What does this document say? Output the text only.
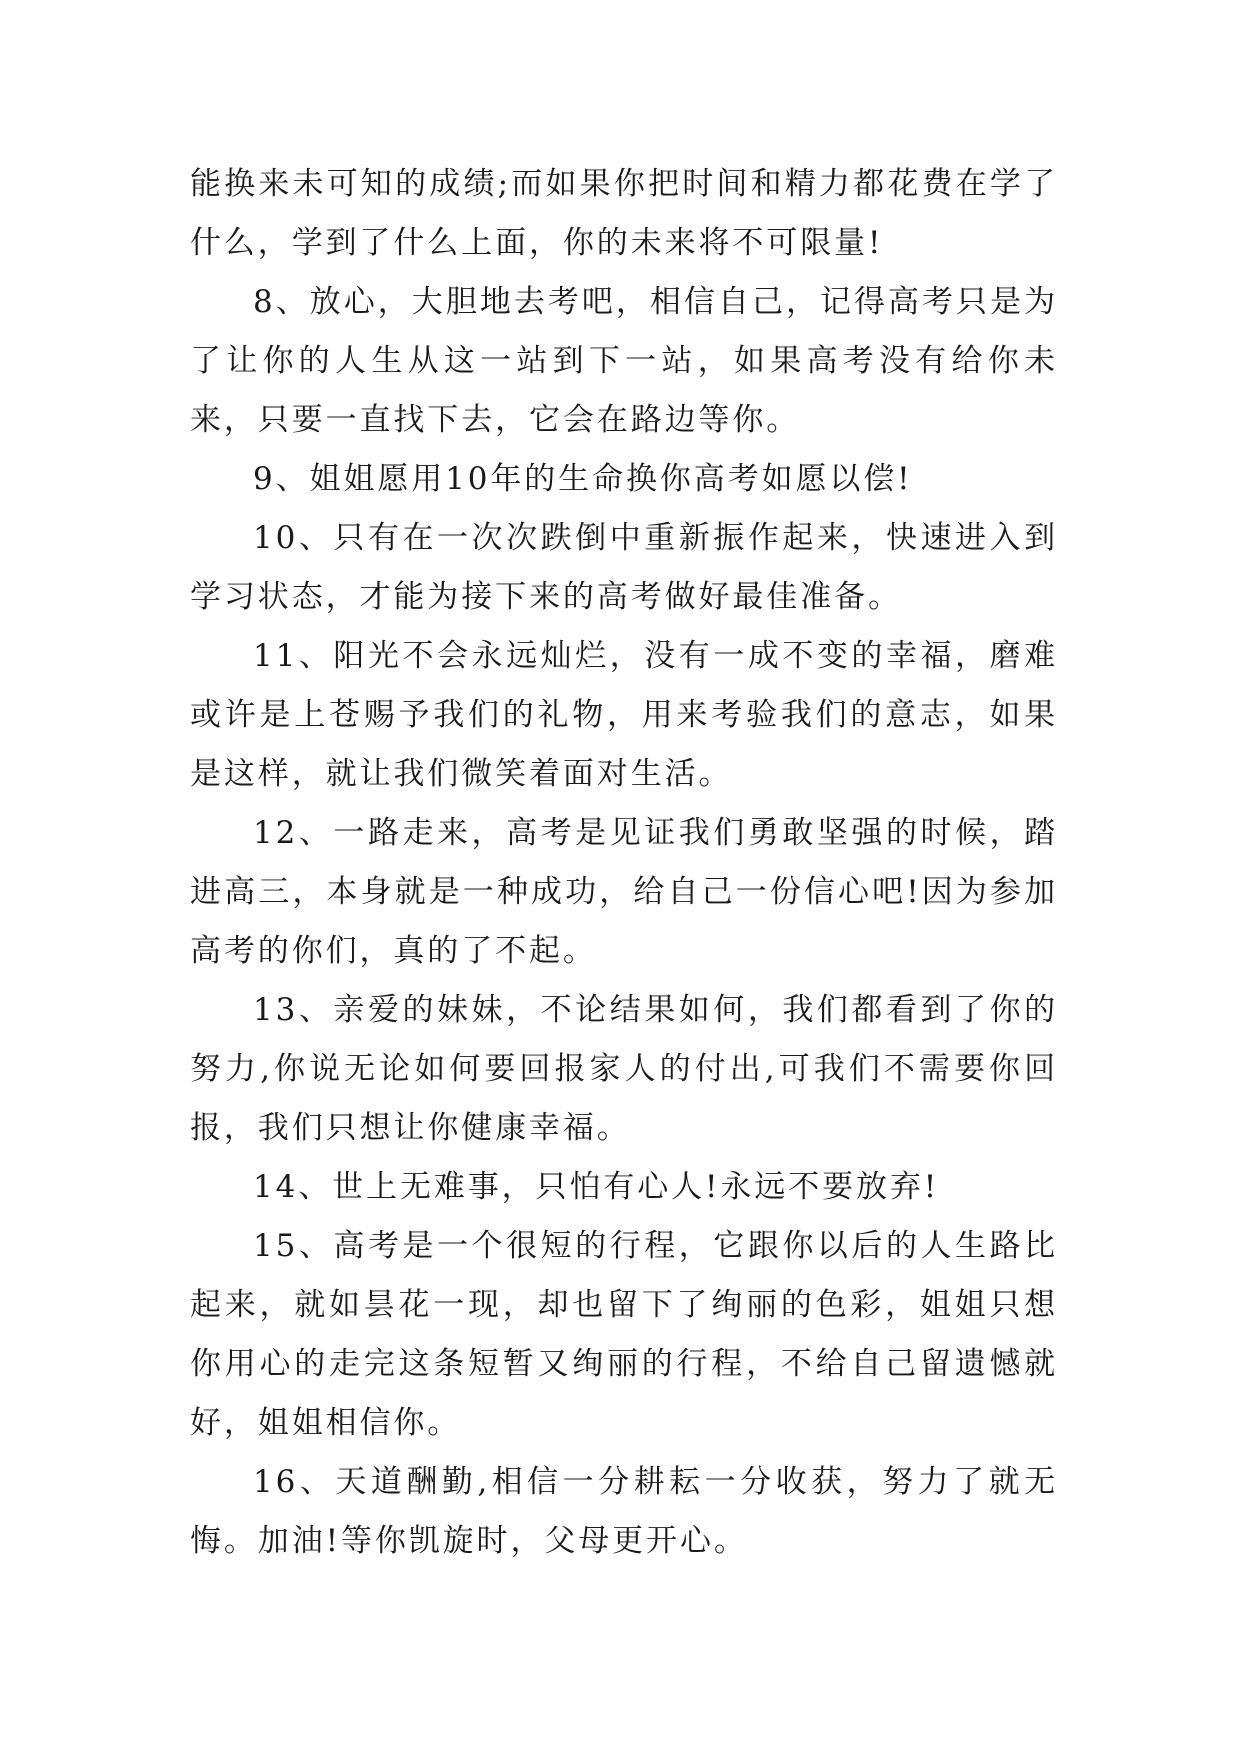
能换来未可知的成绩;而如果你把时间和精力都花费在学了什么，学到了什么上面，你的未来将不可限量!

8、放心，大胆地去考吧，相信自己，记得高考只是为了让你的人生从这一站到下一站，如果高考没有给你未来，只要一直找下去，它会在路边等你。

9、姐姐愿用10年的生命换你高考如愿以偿!

10、只有在一次次跌倒中重新振作起来，快速进入到学习状态，才能为接下来的高考做好最佳准备。

11、阳光不会永远灿烂，没有一成不变的幸福，磨难或许是上苍赐予我们的礼物，用来考验我们的意志，如果是这样，就让我们微笑着面对生活。

12、一路走来，高考是见证我们勇敢坚强的时候，踏进高三，本身就是一种成功，给自己一份信心吧!因为参加高考的你们，真的了不起。

13、亲爱的妹妹，不论结果如何，我们都看到了你的努力,你说无论如何要回报家人的付出,可我们不需要你回报，我们只想让你健康幸福。

14、世上无难事，只怕有心人!永远不要放弃!

15、高考是一个很短的行程，它跟你以后的人生路比起来，就如昙花一现，却也留下了绚丽的色彩，姐姐只想你用心的走完这条短暂又绚丽的行程，不给自己留遗憾就好，姐姐相信你。

16、天道酬勤,相信一分耕耘一分收获，努力了就无悔。加油!等你凯旋时，父母更开心。
